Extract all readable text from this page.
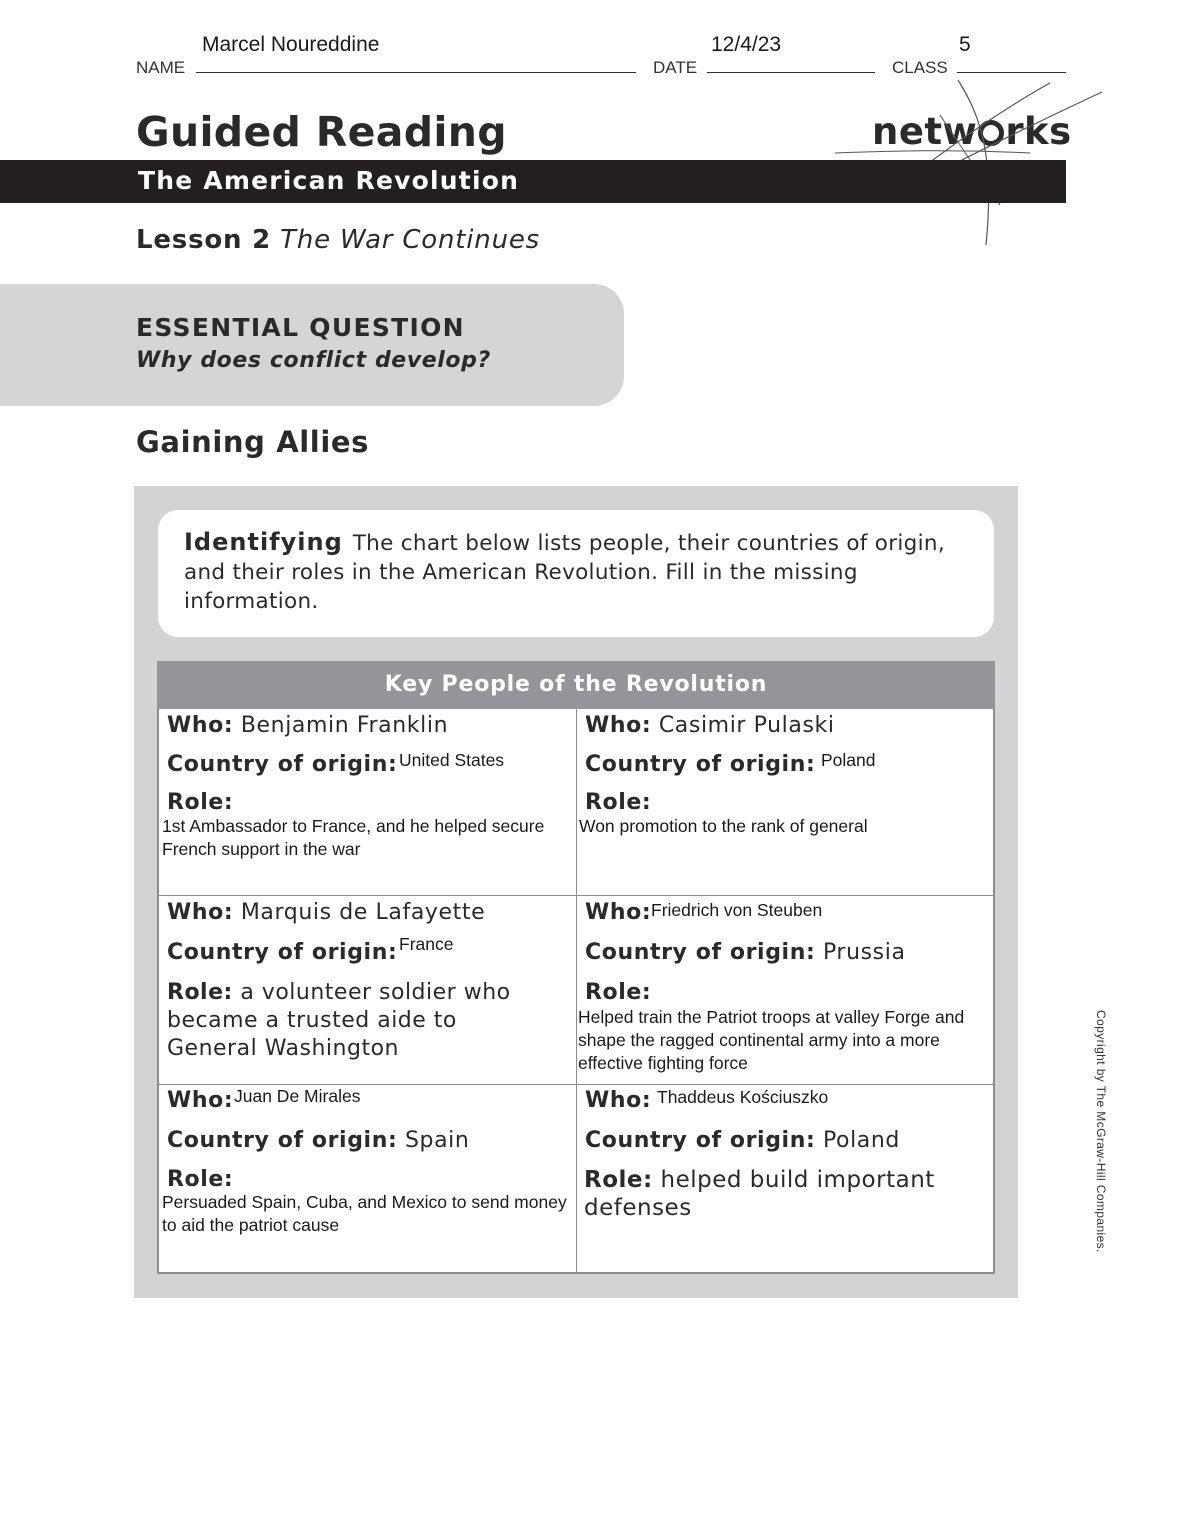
NAME
Marcel Noureddine
DATE
12/4/23
CLASS
5
Guided Reading	netw rks
The American Revolution
Lesson 2 The War Continues
ESSENTIAL QUESTION
Why does conflict develop?
Gaining Allies
Identifying The chart below lists people, their countries of origin, and their roles in the American Revolution. Fill in the missing information.
Key People of the Revolution
Who: Benjamin Franklin
Country of origin: United States
Role:
1st Ambassador to France, and he helped secure French support in the war
Who: Casimir Pulaski
Country of origin: Poland
Role:
Won promotion to the rank of general
Who: Marquis de Lafayette
Country of origin: France
Role: a volunteer soldier who became a trusted aide to General Washington
Who: Friedrich von Steuben
Country of origin: Prussia
Role:
Helped train the Patriot troops at valley Forge and shape the ragged continental army into a more effective fighting force
Who: Juan De Mirales
Country of origin: Spain
Role:
Persuaded Spain, Cuba, and Mexico to send money to aid the patriot cause
Who: Thaddeus Kościuszko
Country of origin: Poland
Role: helped build important defenses	Copyright by The McGraw-Hill Companies.
